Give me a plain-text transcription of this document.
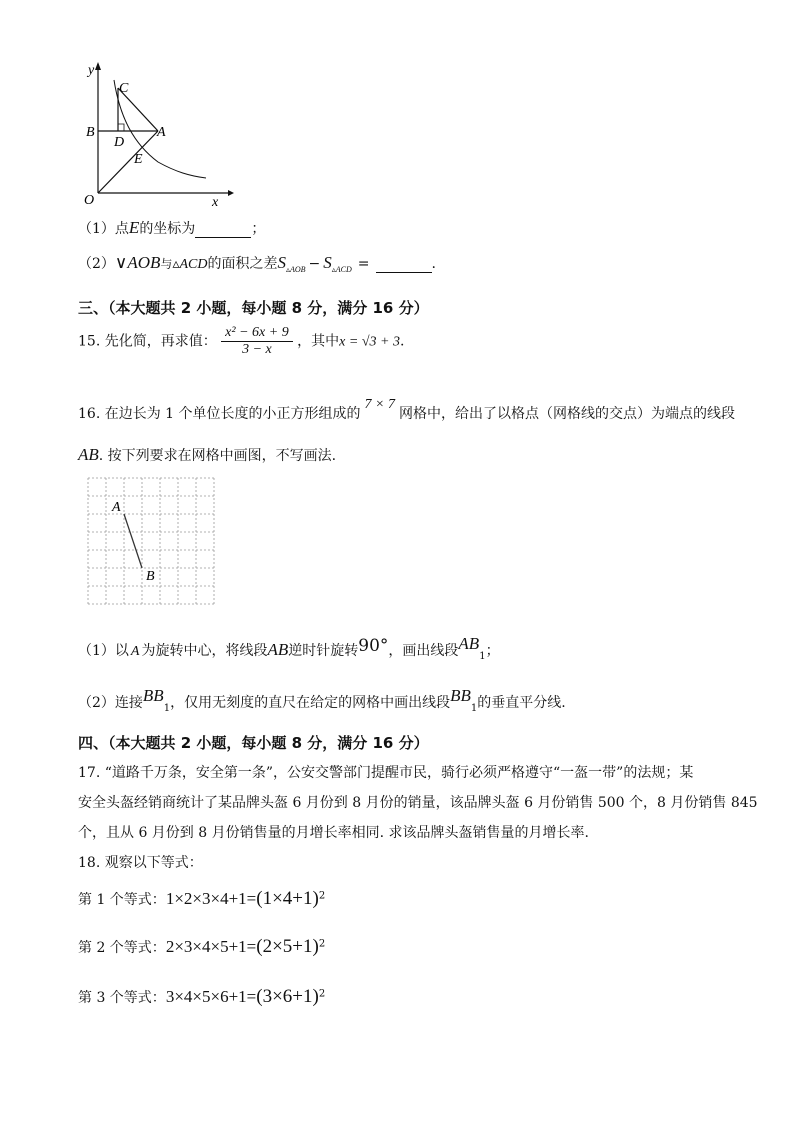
y
x
O
C
B	A
D
E
（1）点E的坐标为	；
（2）∨AOB与▵ACD的面积之差$S_{▵AOB} - S_{▵ACD}$ =	.
三、（本大题共 2 小题，每小题 8 分，满分 16 分）
15. 先化简，再求值： $\frac{\text{x² − 6x + 9}}{3 - x}$ ，其中x = √3 + 3.
16. 在边长为 1 个单位长度的小正方形组成的7 × 7网格中，给出了以格点（网格线的交点）为端点的线段
AB. 按下列要求在网格中画图，不写画法.
A
B
（1）以 A 为旋转中心，将线段AB逆时针旋转90°，画出线段$AB_1$；
（2）连接$BB_1$，仅用无刻度的直尺在给定的网格中画出线段$BB_1$的垂直平分线.
四、（本大题共 2 小题，每小题 8 分，满分 16 分）
17. “道路千万条，安全第一条”，公安交警部门提醒市民，骑行必须严格遵守“一盔一带”的法规；某
安全头盔经销商统计了某品牌头盔 6 月份到 8 月份的销量，该品牌头盔 6 月份销售 500 个，8 月份销售 845
个，且从 6 月份到 8 月份销售量的月增长率相同. 求该品牌头盔销售量的月增长率.
18. 观察以下等式：
第 1 个等式：$1\times 2\times 3\times 4+1=(1\times 4+1)^2$
第 2 个等式：$2\times 3\times 4\times 5+1=(2\times 5+1)^2$
第 3 个等式：$3\times 4\times 5\times 6+1=(3\times 6+1)^2$
